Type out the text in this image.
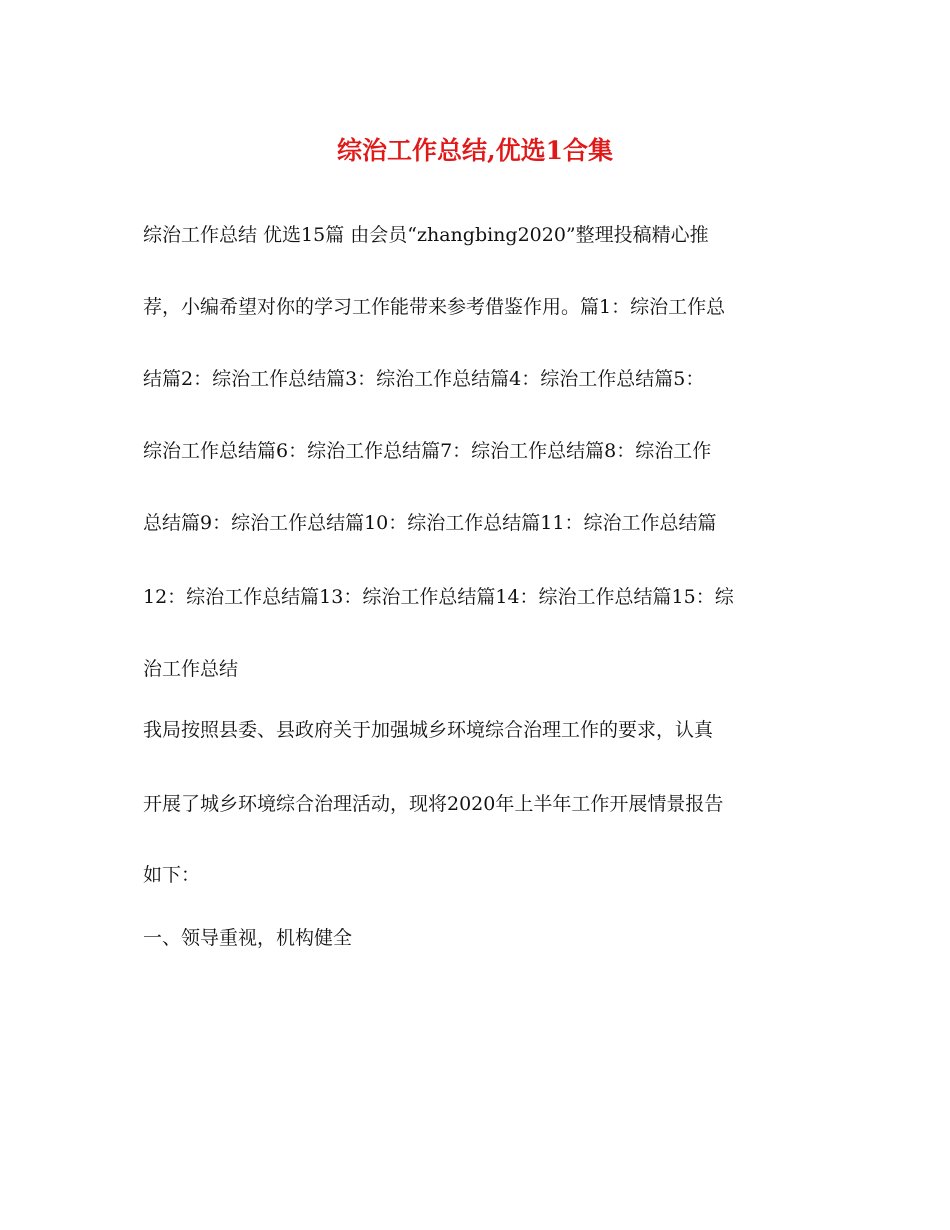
综治工作总结,优选1合集

综治工作总结 优选15篇 由会员“zhangbing2020”整理投稿精心推

荐，小编希望对你的学习工作能带来参考借鉴作用。篇1：综治工作总

结篇2：综治工作总结篇3：综治工作总结篇4：综治工作总结篇5：

综治工作总结篇6：综治工作总结篇7：综治工作总结篇8：综治工作

总结篇9：综治工作总结篇10：综治工作总结篇11：综治工作总结篇

12：综治工作总结篇13：综治工作总结篇14：综治工作总结篇15：综

治工作总结

我局按照县委、县政府关于加强城乡环境综合治理工作的要求，认真

开展了城乡环境综合治理活动，现将2020年上半年工作开展情景报告

如下：

一、领导重视，机构健全
